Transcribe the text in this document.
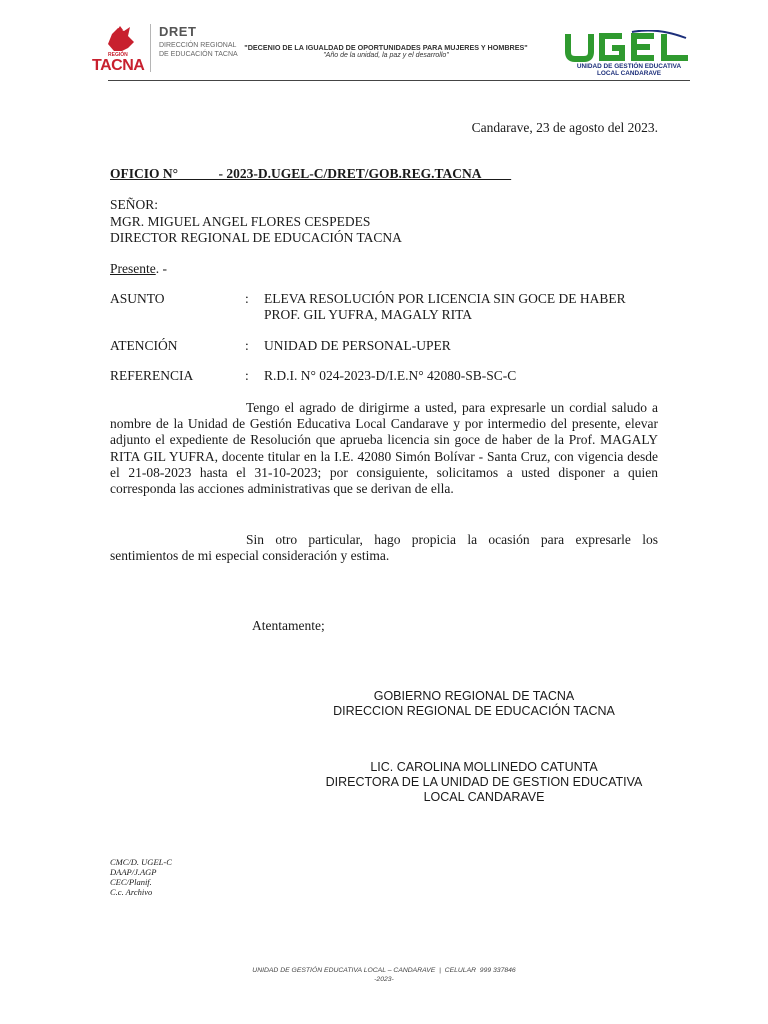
REGIÓN
TACNA
DRET
DIRECCIÓN REGIONAL
DE EDUCACIÓN TACNA
"DECENIO DE LA IGUALDAD DE OPORTUNIDADES PARA MUJERES Y HOMBRES"
"Año de la unidad, la paz y el desarrollo"
UNIDAD DE GESTIÓN EDUCATIVA
LOCAL CANDARAVE
Candarave, 23 de agosto del 2023.
OFICIO N°            - 2023-D.UGEL-C/DRET/GOB.REG.TACNA
SEÑOR:
MGR. MIGUEL ANGEL FLORES CESPEDES
DIRECTOR REGIONAL DE EDUCACIÓN TACNA
Presente. -
ASUNTO	: ELEVA RESOLUCIÓN POR LICENCIA SIN GOCE DE HABER PROF. GIL YUFRA, MAGALY RITA
ATENCIÓN	: UNIDAD DE PERSONAL-UPER
REFERENCIA	: R.D.I. N° 024-2023-D/I.E.N° 42080-SB-SC-C
Tengo el agrado de dirigirme a usted, para expresarle un cordial saludo a nombre de la Unidad de Gestión Educativa Local Candarave y por intermedio del presente, elevar adjunto el expediente de Resolución que aprueba licencia sin goce de haber de la Prof. MAGALY RITA GIL YUFRA, docente titular en la I.E. 42080 Simón Bolívar - Santa Cruz, con vigencia desde el 21-08-2023 hasta el 31-10-2023; por consiguiente, solicitamos a usted disponer a quien corresponda las acciones administrativas que se derivan de ella.
Sin otro particular, hago propicia la ocasión para expresarle los sentimientos de mi especial consideración y estima.
Atentamente;
GOBIERNO REGIONAL DE TACNA
DIRECCION REGIONAL DE EDUCACIÓN TACNA
LIC. CAROLINA MOLLINEDO CATUNTA
DIRECTORA DE LA UNIDAD DE GESTION EDUCATIVA
LOCAL CANDARAVE
CMC/D. UGEL-C
DAAP/J.AGP
CEC/Planif.
C.c. Archivo
UNIDAD DE GESTIÓN EDUCATIVA LOCAL – CANDARAVE  |  CELULAR  999 337846
-2023-
